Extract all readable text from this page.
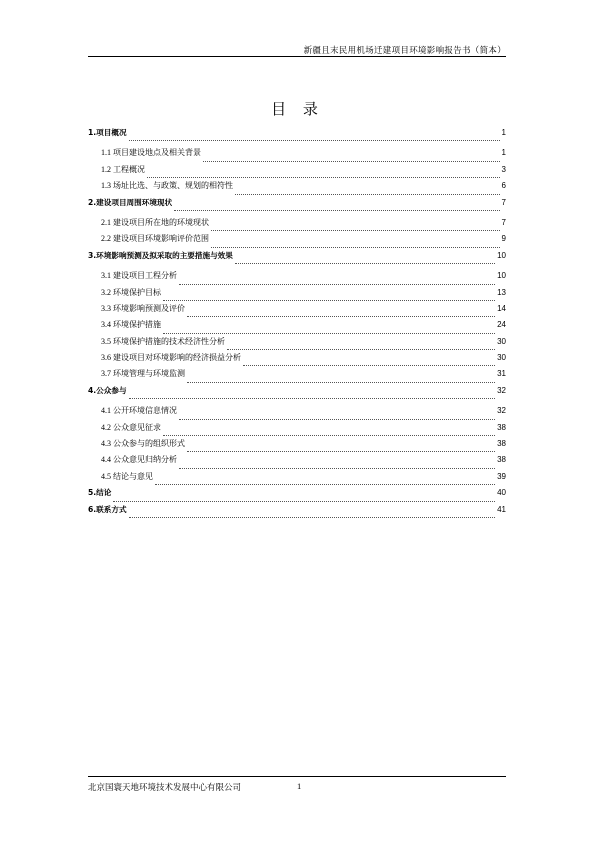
新疆且末民用机场迁建项目环境影响报告书（简本）
目 录
1.项目概况	1
1.1 项目建设地点及相关背景	1
1.2 工程概况	3
1.3 场址比选、与政策、规划的相符性	6
2.建设项目周围环境现状	7
2.1 建设项目所在地的环境现状	7
2.2 建设项目环境影响评价范围	9
3.环境影响预测及拟采取的主要措施与效果	10
3.1 建设项目工程分析	10
3.2 环境保护目标	13
3.3 环境影响预测及评价	14
3.4 环境保护措施	24
3.5 环境保护措施的技术经济性分析	30
3.6 建设项目对环境影响的经济损益分析	30
3.7 环境管理与环境监测	31
4.公众参与	32
4.1 公开环境信息情况	32
4.2 公众意见征求	38
4.3 公众参与的组织形式	38
4.4 公众意见归纳分析	38
4.5 结论与意见	39
5.结论	40
6.联系方式	41
北京国寰天地环境技术发展中心有限公司	1
